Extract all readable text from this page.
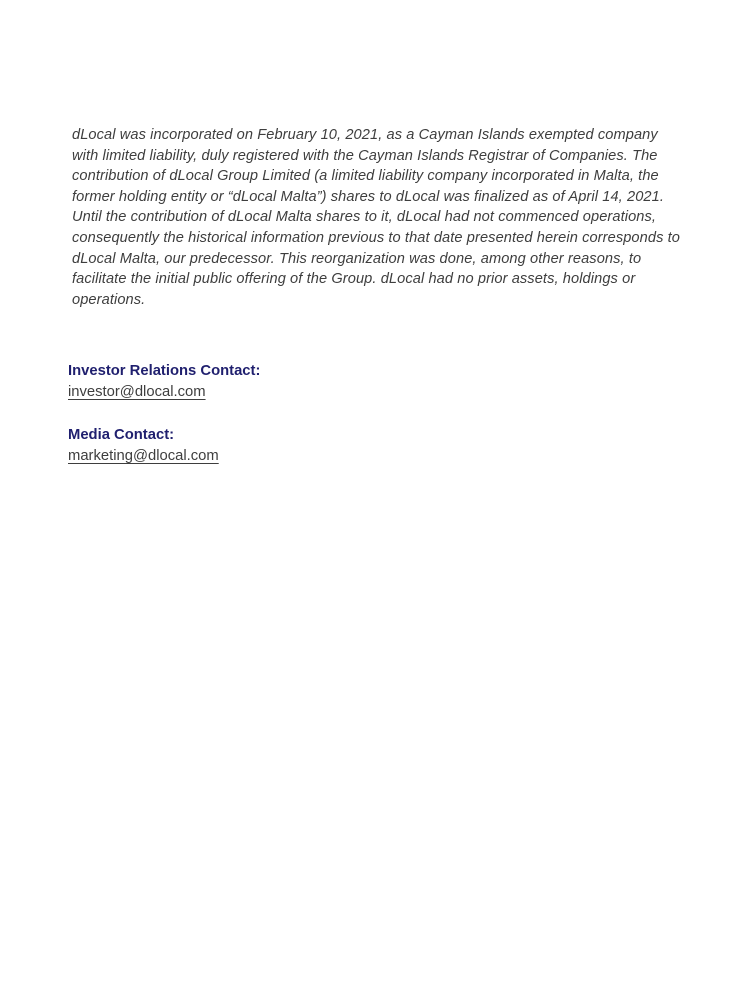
dLocal was incorporated on February 10, 2021, as a Cayman Islands exempted company with limited liability, duly registered with the Cayman Islands Registrar of Companies. The contribution of dLocal Group Limited (a limited liability company incorporated in Malta, the former holding entity or “dLocal Malta”) shares to dLocal was finalized as of April 14, 2021. Until the contribution of dLocal Malta shares to it, dLocal had not commenced operations, consequently the historical information previous to that date presented herein corresponds to dLocal Malta, our predecessor. This reorganization was done, among other reasons, to facilitate the initial public offering of the Group. dLocal had no prior assets, holdings or operations.

Investor Relations Contact:
investor@dlocal.com
Media Contact:
marketing@dlocal.com
